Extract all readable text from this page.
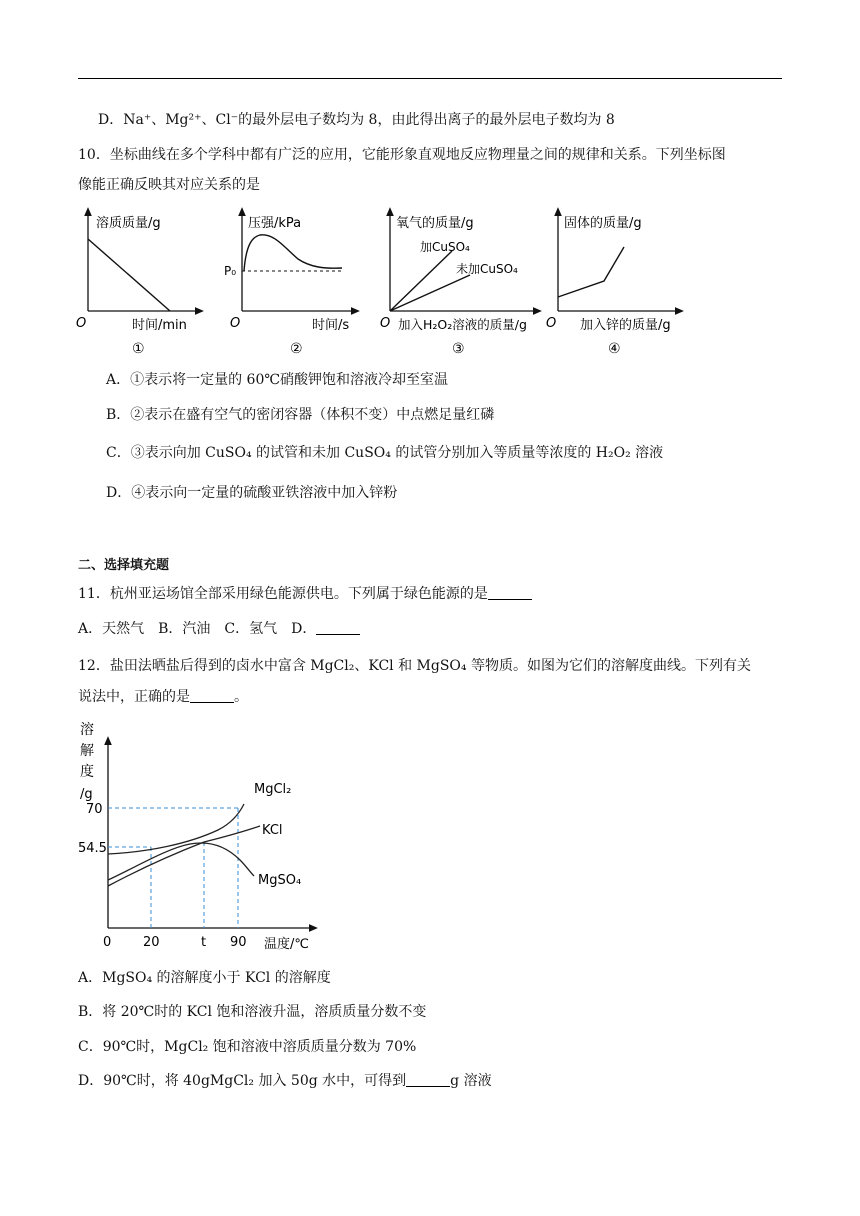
D．Na⁺、Mg²⁺、Cl⁻的最外层电子数均为 8，由此得出离子的最外层电子数均为 8
10．坐标曲线在多个学科中都有广泛的应用，它能形象直观地反应物理量之间的规律和关系。下列坐标图
像能正确反映其对应关系的是
溶质质量/g
O	时间/min
①
压强/kPa
P₀
O	时间/s
②
氧气的质量/g
加CuSO₄
未加CuSO₄
O 加入H₂O₂溶液的质量/g
③
固体的质量/g
O 加入锌的质量/g
④
A．①表示将一定量的 60℃硝酸钾饱和溶液冷却至室温
B．②表示在盛有空气的密闭容器（体积不变）中点燃足量红磷
C．③表示向加 CuSO₄ 的试管和未加 CuSO₄ 的试管分别加入等质量等浓度的 H₂O₂ 溶液
D．④表示向一定量的硫酸亚铁溶液中加入锌粉
二、选择填充题
11．杭州亚运场馆全部采用绿色能源供电。下列属于绿色能源的是
A．天然气　B．汽油　C．氢气　D．
12．盐田法晒盐后得到的卤水中富含 MgCl₂、KCl 和 MgSO₄ 等物质。如图为它们的溶解度曲线。下列有关
说法中，正确的是	。
溶
解
度
/g	MgCl₂
KCl
MgSO₄
70
54.5
0 20	t 90 温度/℃
A．MgSO₄ 的溶解度小于 KCl 的溶解度
B．将 20℃时的 KCl 饱和溶液升温，溶质质量分数不变
C．90℃时，MgCl₂ 饱和溶液中溶质质量分数为 70%
D．90℃时，将 40gMgCl₂ 加入 50g 水中，可得到	g 溶液
